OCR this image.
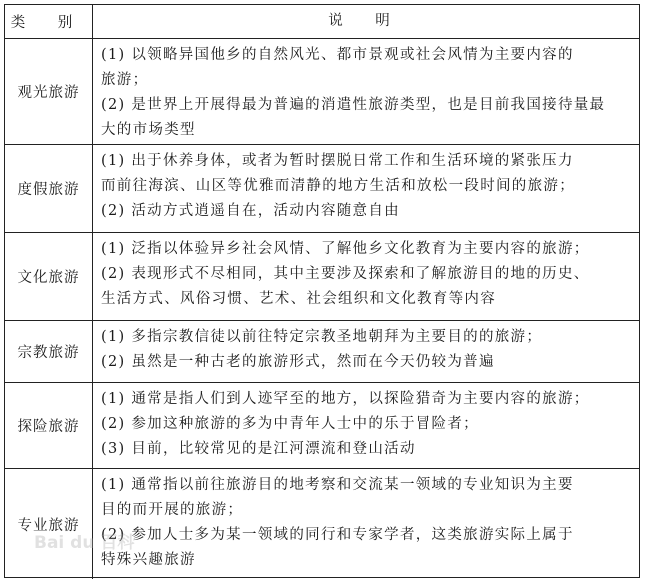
类 别	说 明
观光旅游
(1) 以领略异国他乡的自然风光、都市景观或社会风情为主要内容的
旅游；
(2) 是世界上开展得最为普遍的消遣性旅游类型，也是目前我国接待量最
大的市场类型
度假旅游
(1) 出于休养身体，或者为暂时摆脱日常工作和生活环境的紧张压力
而前往海滨、山区等优雅而清静的地方生活和放松一段时间的旅游；
(2) 活动方式逍遥自在，活动内容随意自由
文化旅游
(1) 泛指以体验异乡社会风情、了解他乡文化教育为主要内容的旅游；
(2) 表现形式不尽相同，其中主要涉及探索和了解旅游目的地的历史、
生活方式、风俗习惯、艺术、社会组织和文化教育等内容
宗教旅游
(1) 多指宗教信徒以前往特定宗教圣地朝拜为主要目的的旅游；
(2) 虽然是一种古老的旅游形式，然而在今天仍较为普遍
探险旅游
(1) 通常是指人们到人迹罕至的地方，以探险猎奇为主要内容的旅游；
(2) 参加这种旅游的多为中青年人士中的乐于冒险者；
(3) 目前，比较常见的是江河漂流和登山活动
专业旅游
(1) 通常指以前往旅游目的地考察和交流某一领域的专业知识为主要
目的而开展的旅游；
(2) 参加人士多为某一领域的同行和专家学者，这类旅游实际上属于
特殊兴趣旅游
Bai du 百科
